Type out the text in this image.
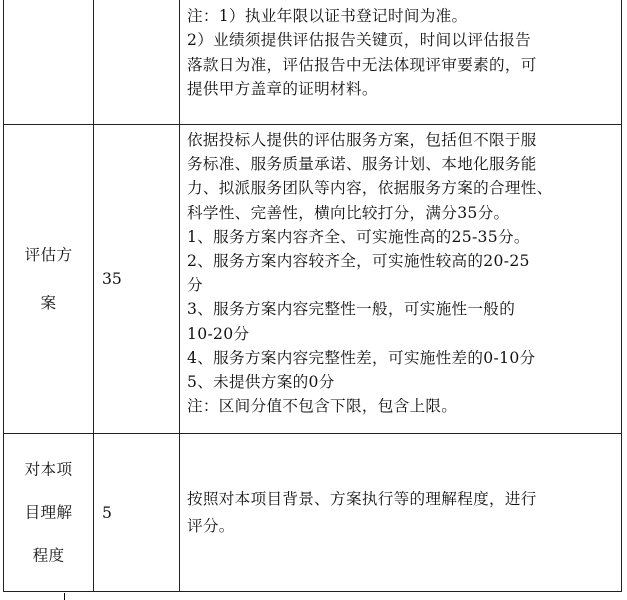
注：1）执业年限以证书登记时间为准。
2）业绩须提供评估报告关键页，时间以评估报告
落款日为准，评估报告中无法体现评审要素的，可
提供甲方盖章的证明材料。
评估方
案
35
依据投标人提供的评估服务方案，包括但不限于服
务标准、服务质量承诺、服务计划、本地化服务能
力、拟派服务团队等内容，依据服务方案的合理性、
科学性、完善性，横向比较打分，满分35分。
1、服务方案内容齐全、可实施性高的25-35分。
2、服务方案内容较齐全，可实施性较高的20-25
分
3、服务方案内容完整性一般，可实施性一般的
10-20分
4、服务方案内容完整性差，可实施性差的0-10分
5、未提供方案的0分
注：区间分值不包含下限，包含上限。
对本项
目理解
程度
5
按照对本项目背景、方案执行等的理解程度，进行
评分。
